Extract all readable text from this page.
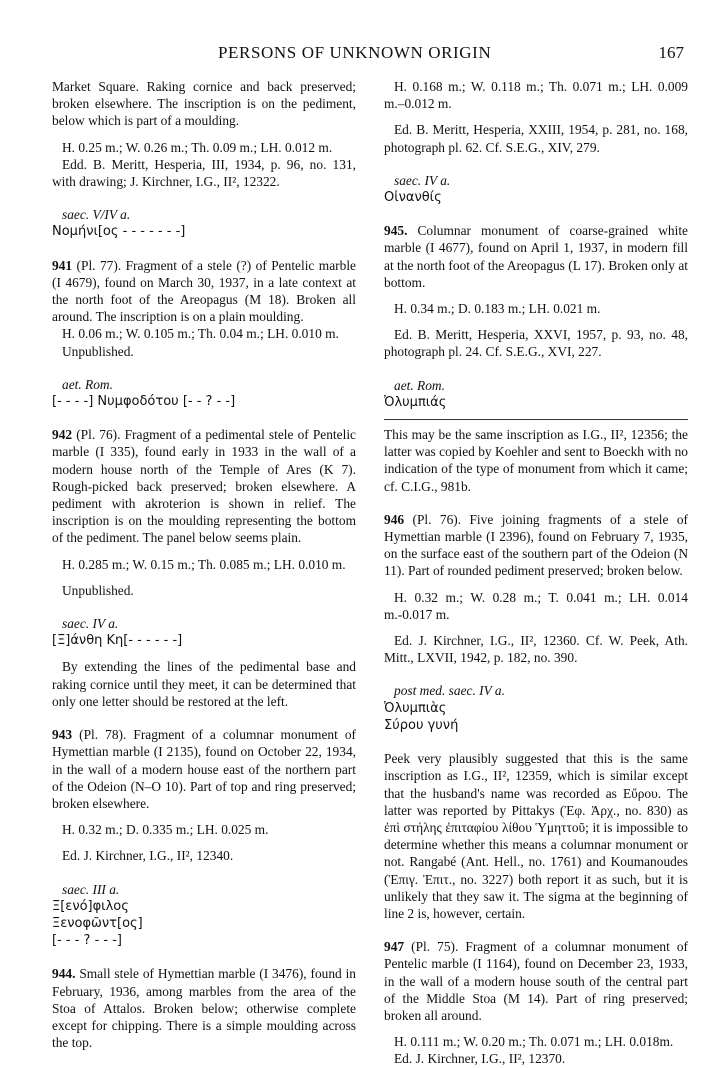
PERSONS OF UNKNOWN ORIGIN	167

Market Square. Raking cornice and back preserved; broken elsewhere. The inscription is on the pediment, below which is part of a moulding.

H. 0.25 m.; W. 0.26 m.; Th. 0.09 m.; LH. 0.012 m.

Edd. B. Meritt, Hesperia, III, 1934, p. 96, no. 131, with drawing; J. Kirchner, I.G., II², 12322.

saec. V/IV a.

Νομήνι[ος - - - - - - -]

941 (Pl. 77). Fragment of a stele (?) of Pentelic marble (I 4679), found on March 30, 1937, in a late context at the north foot of the Areopagus (M 18). Broken all around. The inscription is on a plain moulding.

H. 0.06 m.; W. 0.105 m.; Th. 0.04 m.; LH. 0.010 m.

Unpublished.

aet. Rom.

[- - - -] Νυμφοδότου [- - ? - -]

942 (Pl. 76). Fragment of a pedimental stele of Pentelic marble (I 335), found early in 1933 in the wall of a modern house north of the Temple of Ares (K 7). Rough-picked back preserved; broken elsewhere. A pediment with akroterion is shown in relief. The inscription is on the moulding representing the bottom of the pediment. The panel below seems plain.

H. 0.285 m.; W. 0.15 m.; Th. 0.085 m.; LH. 0.010 m.

Unpublished.

saec. IV a.

[Ξ]άνθη Κη[- - - - - -]

By extending the lines of the pedimental base and raking cornice until they meet, it can be determined that only one letter should be restored at the left.

943 (Pl. 78). Fragment of a columnar monument of Hymettian marble (I 2135), found on October 22, 1934, in the wall of a modern house east of the northern part of the Odeion (N–O 10). Part of top and ring preserved; broken elsewhere.

H. 0.32 m.; D. 0.335 m.; LH. 0.025 m.

Ed. J. Kirchner, I.G., II², 12340.

saec. III a.

Ξ[ενό]φιλος

Ξενοφῶντ[ος]

[- - - ? - - -]

944. Small stele of Hymettian marble (I 3476), found in February, 1936, among marbles from the area of the Stoa of Attalos. Broken below; otherwise complete except for chipping. There is a simple moulding across the top.

H. 0.168 m.; W. 0.118 m.; Th. 0.071 m.; LH. 0.009 m.–0.012 m.

Ed. B. Meritt, Hesperia, XXIII, 1954, p. 281, no. 168, photograph pl. 62. Cf. S.E.G., XIV, 279.

saec. IV a.

Οἰνανθίς

945. Columnar monument of coarse-grained white marble (I 4677), found on April 1, 1937, in modern fill at the north foot of the Areopagus (L 17). Broken only at bottom.

H. 0.34 m.; D. 0.183 m.; LH. 0.021 m.

Ed. B. Meritt, Hesperia, XXVI, 1957, p. 93, no. 48, photograph pl. 24. Cf. S.E.G., XVI, 227.

aet. Rom.

Ὀλυμπιάς

This may be the same inscription as I.G., II², 12356; the latter was copied by Koehler and sent to Boeckh with no indication of the type of monument from which it came; cf. C.I.G., 981b.

946 (Pl. 76). Five joining fragments of a stele of Hymettian marble (I 2396), found on February 7, 1935, on the surface east of the southern part of the Odeion (N 11). Part of rounded pediment preserved; broken below.

H. 0.32 m.; W. 0.28 m.; T. 0.041 m.; LH. 0.014 m.-0.017 m.

Ed. J. Kirchner, I.G., II², 12360. Cf. W. Peek, Ath. Mitt., LXVII, 1942, p. 182, no. 390.

post med. saec. IV a.

Ὀλυμπιὰς

Σύρου γυνή

Peek very plausibly suggested that this is the same inscription as I.G., II², 12359, which is similar except that the husband's name was recorded as Εὔρου. The latter was reported by Pittakys (Ἐφ. Ἀρχ., no. 830) as ἐπὶ στήλης ἐπιταφίου λίθου Ὑμηττοῦ; it is impossible to determine whether this means a columnar monument or not. Rangabé (Ant. Hell., no. 1761) and Koumanoudes (Ἐπιγ. Ἐπιτ., no. 3227) both report it as such, but it is unlikely that they saw it. The sigma at the beginning of line 2 is, however, certain.

947 (Pl. 75). Fragment of a columnar monument of Pentelic marble (I 1164), found on December 23, 1933, in the wall of a modern house south of the central part of the Middle Stoa (M 14). Part of ring preserved; broken all around.

H. 0.111 m.; W. 0.20 m.; Th. 0.071 m.; LH. 0.018m.

Ed. J. Kirchner, I.G., II², 12370.
